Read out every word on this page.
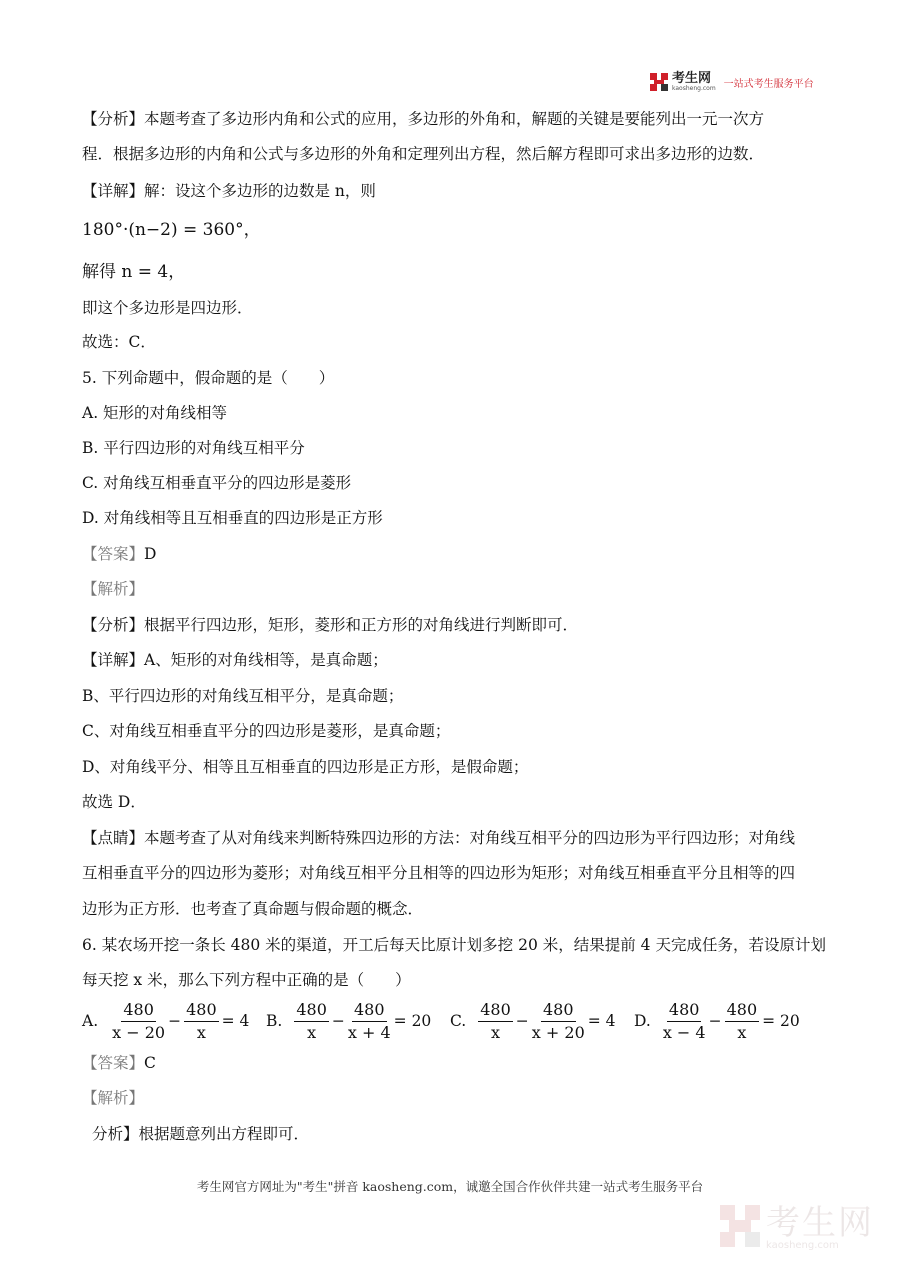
考生网
kaosheng.com 一站式考生服务平台
【分析】本题考查了多边形内角和公式的应用，多边形的外角和，解题的关键是要能列出一元一次方
程．根据多边形的内角和公式与多边形的外角和定理列出方程，然后解方程即可求出多边形的边数．
【详解】解：设这个多边形的边数是 n，则
180°·(n−2) = 360°，
解得 n = 4，
即这个多边形是四边形．
故选：C．
5. 下列命题中，假命题的是（　　）
A. 矩形的对角线相等
B. 平行四边形的对角线互相平分
C. 对角线互相垂直平分的四边形是菱形
D. 对角线相等且互相垂直的四边形是正方形
【答案】D
【解析】
【分析】根据平行四边形，矩形，菱形和正方形的对角线进行判断即可．
【详解】A、矩形的对角线相等，是真命题；
B、平行四边形的对角线互相平分，是真命题；
C、对角线互相垂直平分的四边形是菱形，是真命题；
D、对角线平分、相等且互相垂直的四边形是正方形，是假命题；
故选 D．
【点睛】本题考查了从对角线来判断特殊四边形的方法：对角线互相平分的四边形为平行四边形；对角线
互相垂直平分的四边形为菱形；对角线互相平分且相等的四边形为矩形；对角线互相垂直平分且相等的四
边形为正方形．也考查了真命题与假命题的概念．
6. 某农场开挖一条长 480 米的渠道，开工后每天比原计划多挖 20 米，结果提前 4 天完成任务，若设原计划
每天挖 x 米，那么下列方程中正确的是（　　）
A. $\frac{480}{x - 20} - \frac{480}{x} = 4$ B. $\frac{480}{x} - \frac{480}{x + 4} = 20$ C. $\frac{480}{x} - \frac{480}{x + 20} = 4$ D. $\frac{480}{x - 4} - \frac{480}{x} = 20$
【答案】C
【解析】
分析】根据题意列出方程即可．
考生网官方网址为"考生"拼音 kaosheng.com，诚邀全国合作伙伴共建一站式考生服务平台
考生网
kaosheng.com
